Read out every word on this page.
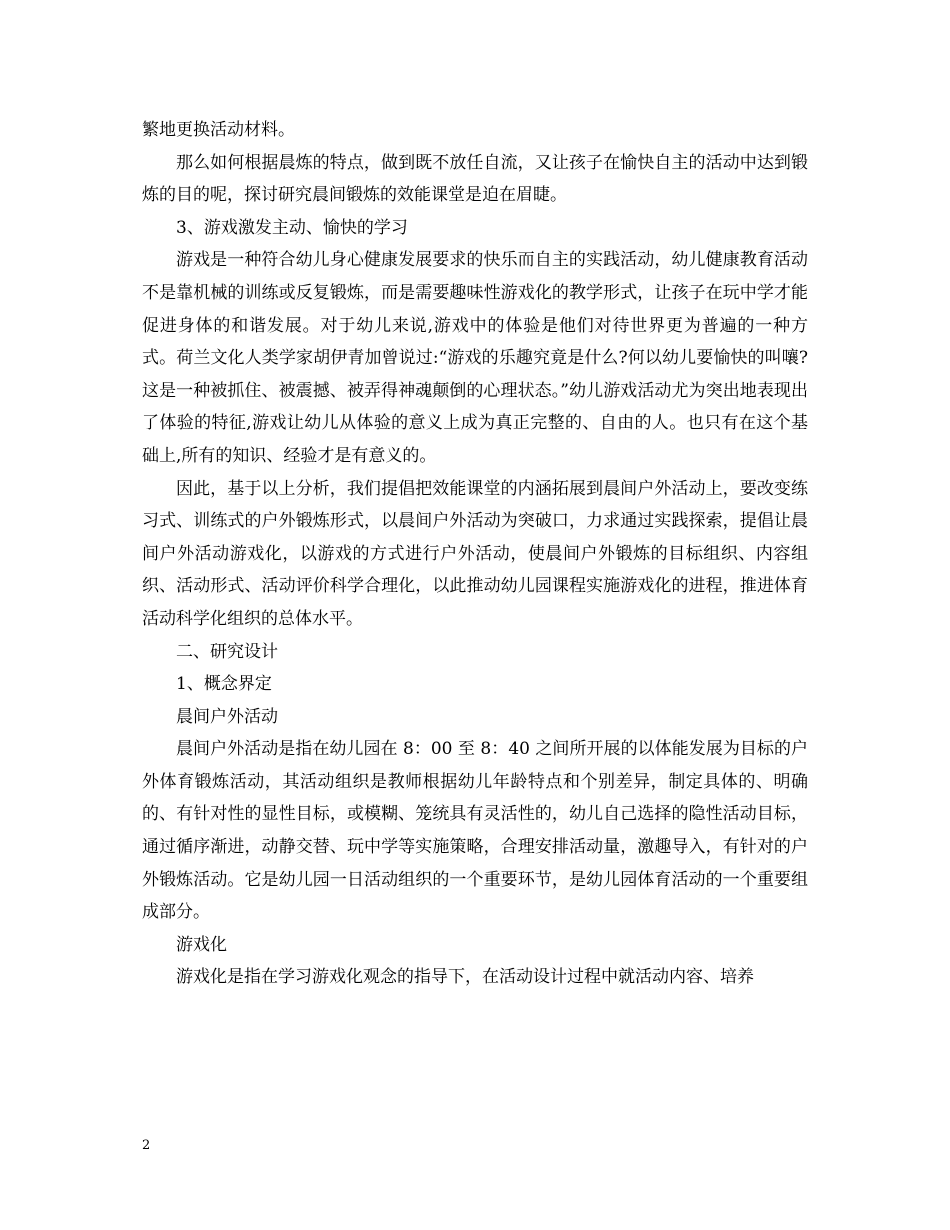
繁地更换活动材料。

那么如何根据晨炼的特点，做到既不放任自流，又让孩子在愉快自主的活动中达到锻炼的目的呢，探讨研究晨间锻炼的效能课堂是迫在眉睫。

3、游戏激发主动、愉快的学习

游戏是一种符合幼儿身心健康发展要求的快乐而自主的实践活动，幼儿健康教育活动不是靠机械的训练或反复锻炼，而是需要趣味性游戏化的教学形式，让孩子在玩中学才能促进身体的和谐发展。对于幼儿来说,游戏中的体验是他们对待世界更为普遍的一种方式。荷兰文化人类学家胡伊青加曾说过:“游戏的乐趣究竟是什么?何以幼儿要愉快的叫嚷?这是一种被抓住、被震撼、被弄得神魂颠倒的心理状态。”幼儿游戏活动尤为突出地表现出了体验的特征,游戏让幼儿从体验的意义上成为真正完整的、自由的人。也只有在这个基础上,所有的知识、经验才是有意义的。

因此，基于以上分析，我们提倡把效能课堂的内涵拓展到晨间户外活动上，要改变练习式、训练式的户外锻炼形式，以晨间户外活动为突破口，力求通过实践探索，提倡让晨间户外活动游戏化，以游戏的方式进行户外活动，使晨间户外锻炼的目标组织、内容组织、活动形式、活动评价科学合理化，以此推动幼儿园课程实施游戏化的进程，推进体育活动科学化组织的总体水平。

二、研究设计

1、概念界定

晨间户外活动

晨间户外活动是指在幼儿园在 8：00 至 8：40 之间所开展的以体能发展为目标的户外体育锻炼活动，其活动组织是教师根据幼儿年龄特点和个别差异，制定具体的、明确的、有针对性的显性目标，或模糊、笼统具有灵活性的，幼儿自己选择的隐性活动目标，通过循序渐进，动静交替、玩中学等实施策略，合理安排活动量，激趣导入，有针对的户外锻炼活动。它是幼儿园一日活动组织的一个重要环节，是幼儿园体育活动的一个重要组成部分。

游戏化

游戏化是指在学习游戏化观念的指导下，在活动设计过程中就活动内容、培养

2
